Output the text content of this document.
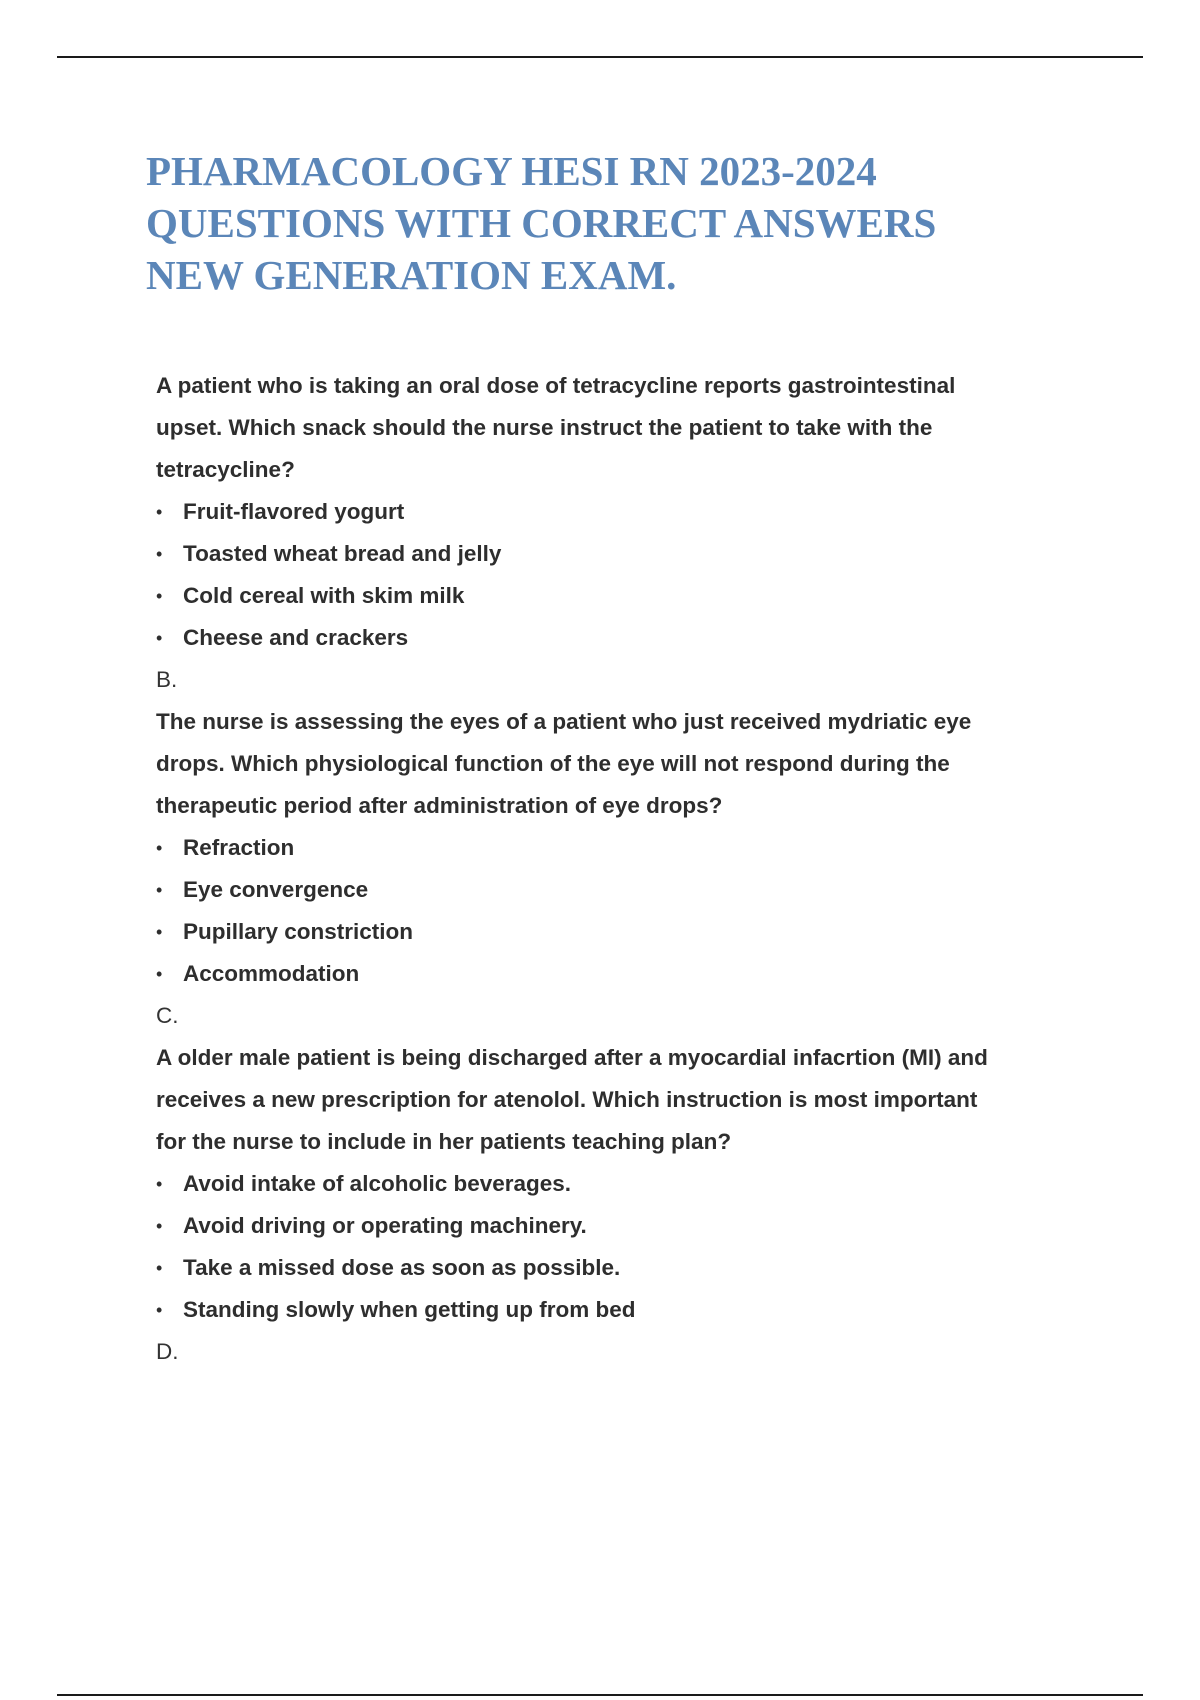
PHARMACOLOGY HESI RN 2023-2024
QUESTIONS WITH CORRECT ANSWERS
NEW GENERATION EXAM.

A patient who is taking an oral dose of tetracycline reports gastrointestinal
upset. Which snack should the nurse instruct the patient to take with the
tetracycline?

• Fruit-flavored yogurt
• Toasted wheat bread and jelly
• Cold cereal with skim milk
• Cheese and crackers

B.

The nurse is assessing the eyes of a patient who just received mydriatic eye
drops. Which physiological function of the eye will not respond during the
therapeutic period after administration of eye drops?

• Refraction
• Eye convergence
• Pupillary constriction
• Accommodation

C.

A older male patient is being discharged after a myocardial infacrtion (MI) and
receives a new prescription for atenolol. Which instruction is most important
for the nurse to include in her patients teaching plan?

• Avoid intake of alcoholic beverages.
• Avoid driving or operating machinery.
• Take a missed dose as soon as possible.
• Standing slowly when getting up from bed

D.
